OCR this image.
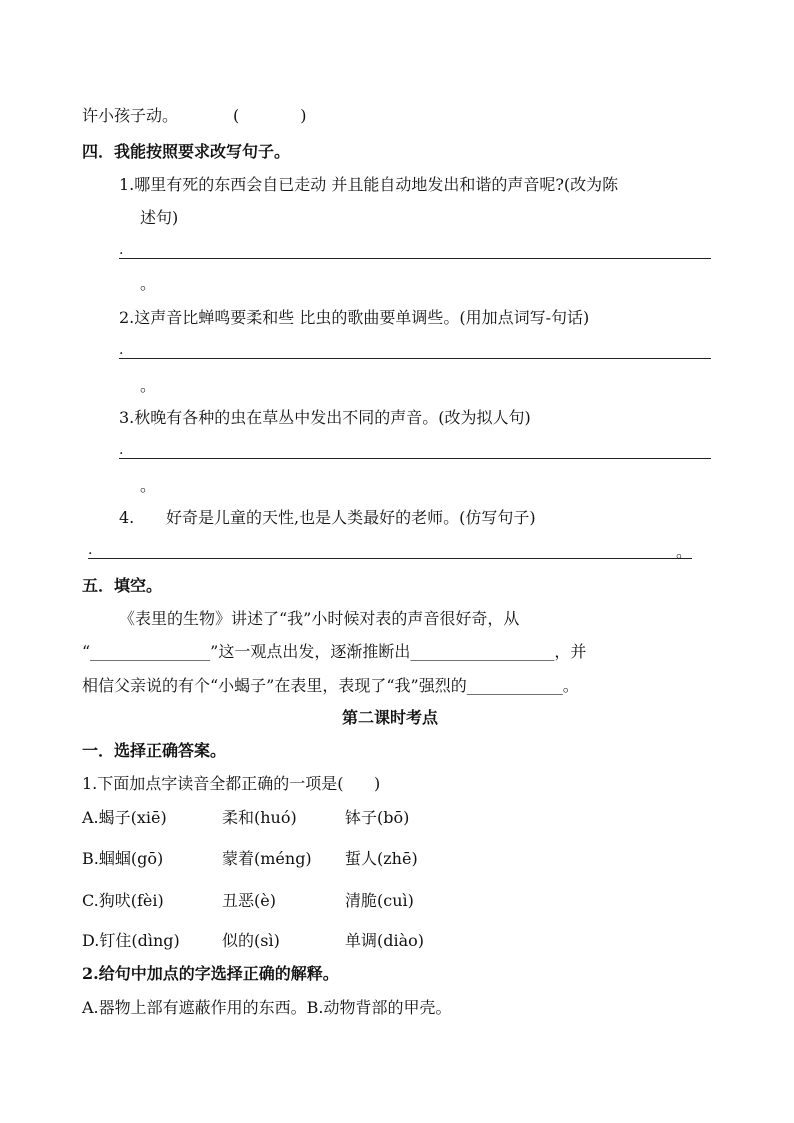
许小孩子动。	(            )
四．我能按照要求改写句子。
1.哪里有死的东西会自已走动 并且能自动地发出和谐的声音呢?(改为陈
述句)
.
。
2.这声音比蝉鸣要柔和些 比虫的歌曲要单调些。(用加点词写-句话)
.
。
3.秋晚有各种的虫在草丛中发出不同的声音。(改为拟人句)
.
。
4. 好奇是儿童的天性,也是人类最好的老师。(仿写句子)
.	。
五．填空。
《表里的生物》讲述了“我”小时候对表的声音很好奇，从
“_______________”这一观点出发，逐渐推断出__________________，并
相信父亲说的有个“小蝎子”在表里，表现了“我”强烈的____________。
第二课时考点
一．选择正确答案。
1.下面加点字读音全都正确的一项是(      )
A.蝎子(xiē)	柔和(huó)	钵子(bō)
B.蝈蝈(gō)	蒙着(méng) 蜇人(zhē)
C.狗吠(fèi)	丑恶(è)	清脆(cuì)
D.钉住(dìng)	似的(sì)	单调(diào)
2.给句中加点的字选择正确的解释。
A.器物上部有遮蔽作用的东西。B.动物背部的甲壳。
